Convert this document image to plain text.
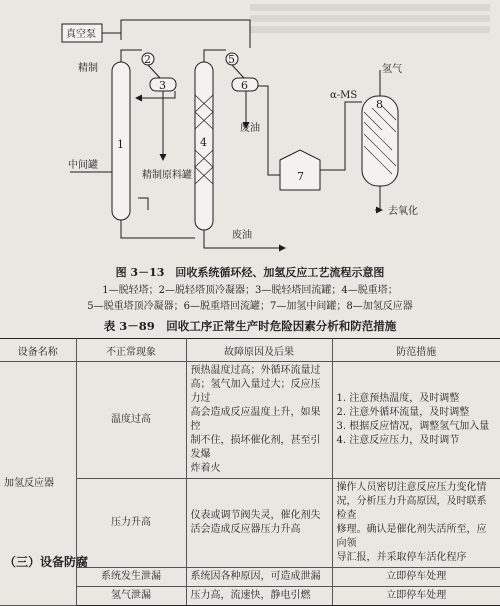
真空泵
精制
中间罐
精制原料罐
废油
废油
α-MS
氢气
去氧化
1
2
3
4
5
6
7
8
图 3－13　回收系统循环烃、加氢反应工艺流程示意图
1—脱轻塔；2—脱轻塔顶冷凝器；3—脱轻塔回流罐；4—脱重塔；
5—脱重塔顶冷凝器；6—脱重塔回流罐；7—加氢中间罐；8—加氢反应器
表 3－89　回收工序正常生产时危险因素分析和防范措施
设备名称	不正常现象	故障原因及后果	防范措施
加氢反应器	温度过高	预热温度过高；外循环流量过
高；氢气加入量过大；反应压力过
高会造成反应温度上升，如果控
制不住，损坏催化剂，甚至引发爆
炸着火	1. 注意预热温度，及时调整
2. 注意外循环流量，及时调整
3. 根据反应情况，调整氢气加入量
4. 注意反应压力，及时调节
	压力升高	仪表或调节阀失灵，催化剂失
活会造成反应器压力升高	操作人员密切注意反应压力变化情
况，分析压力升高原因，及时联系检查
修理。确认是催化剂失活所至，应向领
导汇报，并采取停车活化程序
	系统发生泄漏	系统因各种原因，可造成泄漏	立即停车处理
	氢气泄漏	压力高，流速快，静电引燃	立即停车处理
（三）设备防腐
